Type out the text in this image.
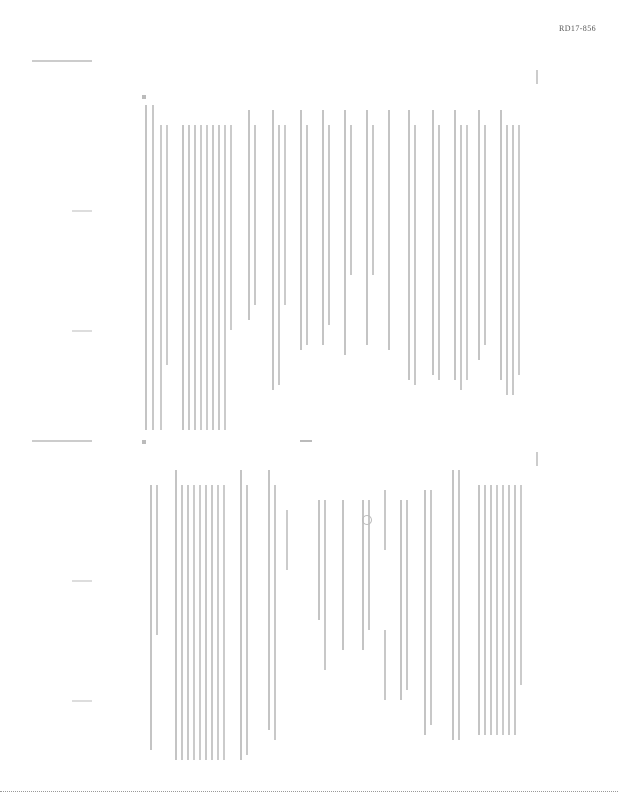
RD17-856
